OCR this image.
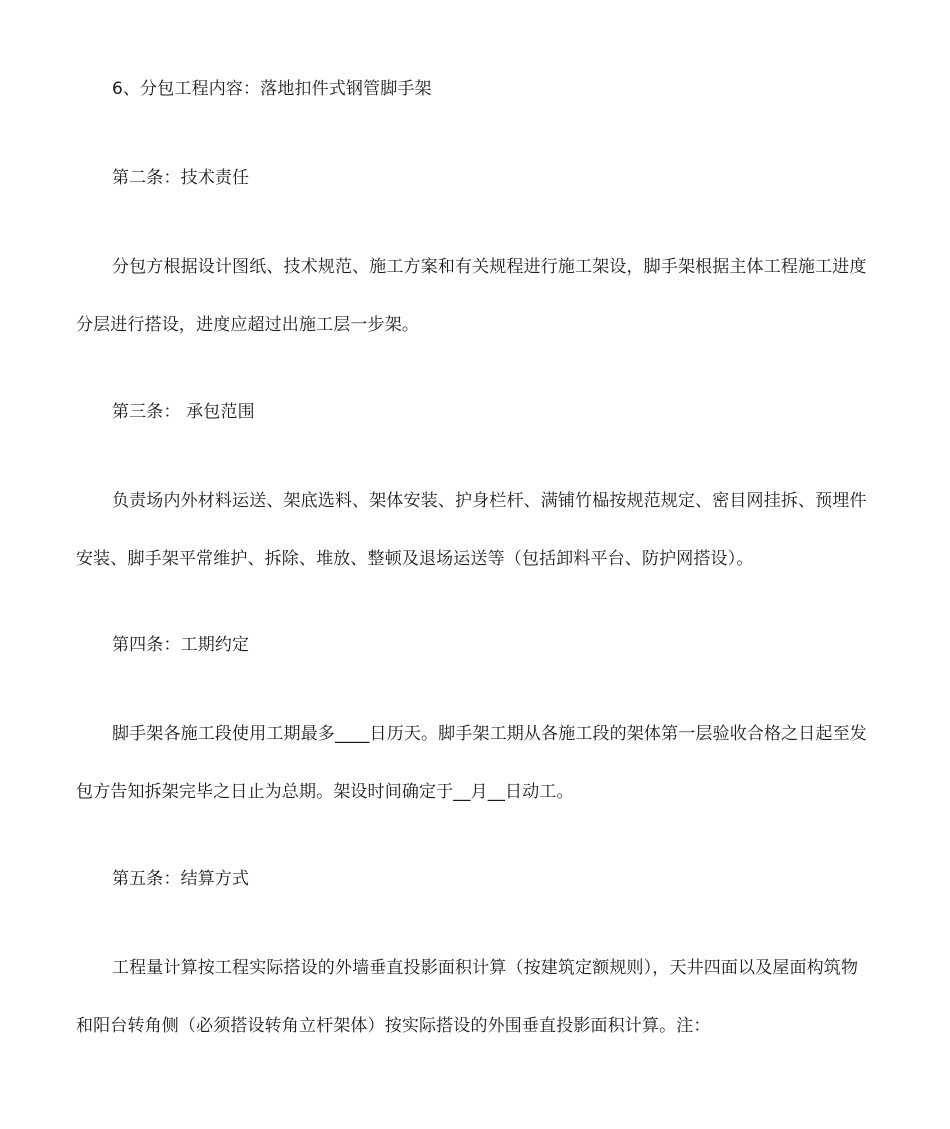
6、分包工程内容：落地扣件式钢管脚手架

第二条：技术责任

分包方根据设计图纸、技术规范、施工方案和有关规程进行施工架设，脚手架根据主体工程施工进度分层进行搭设，进度应超过出施工层一步架。

第三条： 承包范围

负责场内外材料运送、架底选料、架体安装、护身栏杆、满铺竹榀按规范规定、密目网挂拆、预埋件安装、脚手架平常维护、拆除、堆放、整顿及退场运送等（包括卸料平台、防护网搭设）。

第四条：工期约定

脚手架各施工段使用工期最多____日历天。脚手架工期从各施工段的架体第一层验收合格之日起至发包方告知拆架完毕之日止为总期。架设时间确定于__月__日动工。

第五条：结算方式

工程量计算按工程实际搭设的外墙垂直投影面积计算（按建筑定额规则），天井四面以及屋面构筑物和阳台转角侧（必须搭设转角立杆架体）按实际搭设的外围垂直投影面积计算。注：
